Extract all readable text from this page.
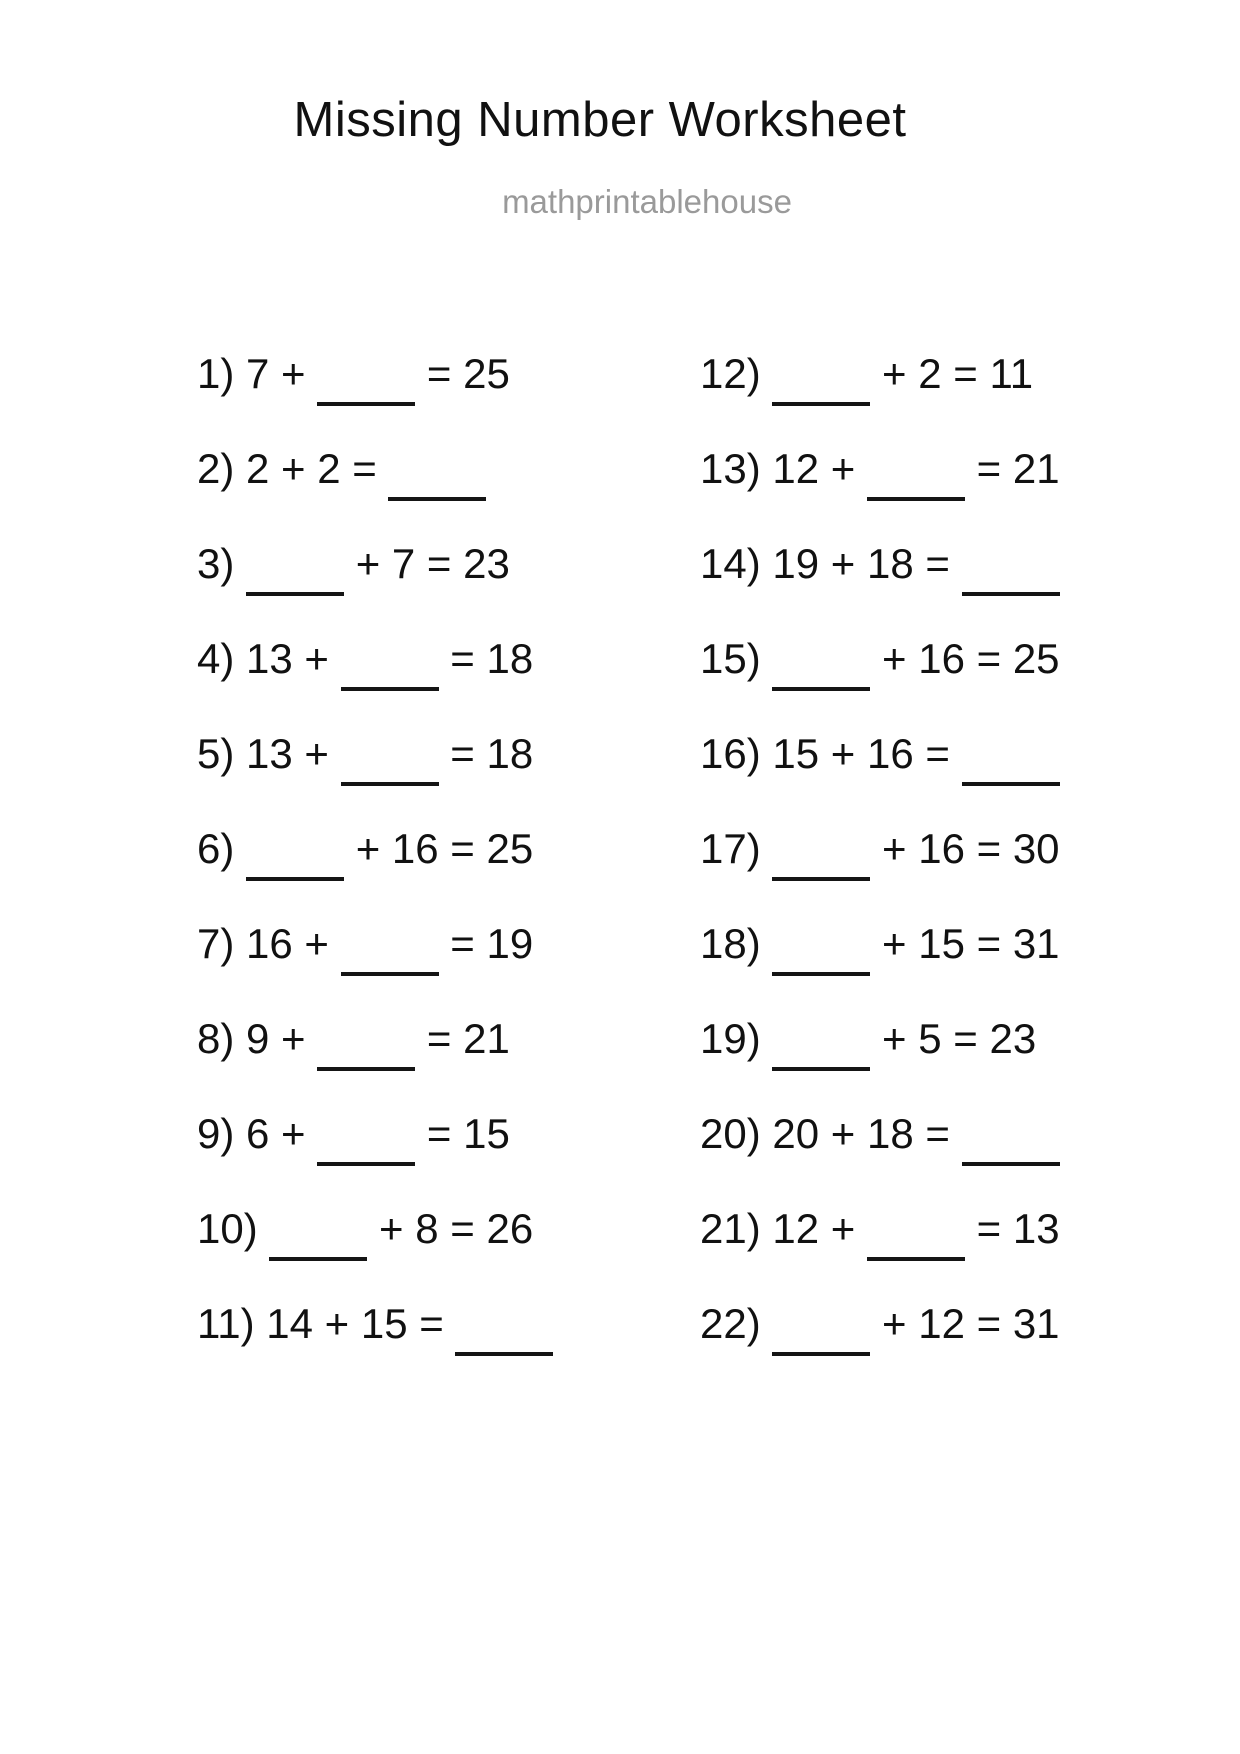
Missing Number Worksheet
mathprintablehouse
1) 7 + = 25
2) 2 + 2 =
3)
	+ 7 = 23
4) 13 + = 18
5) 13 + = 18
6)
	+ 16 = 25
7) 16 + = 19
8) 9 + = 21
9) 6 + = 15
10)
	+ 8 = 26
11) 14 + 15 =
12)
	+ 2 = 11
13) 12 + = 21
14) 19 + 18 =
15)
	+ 16 = 25
16) 15 + 16 =
17)
	+ 16 = 30
18)
	+ 15 = 31
19)
	+ 5 = 23
20) 20 + 18 =
21) 12 + = 13
22)
	+ 12 = 31
